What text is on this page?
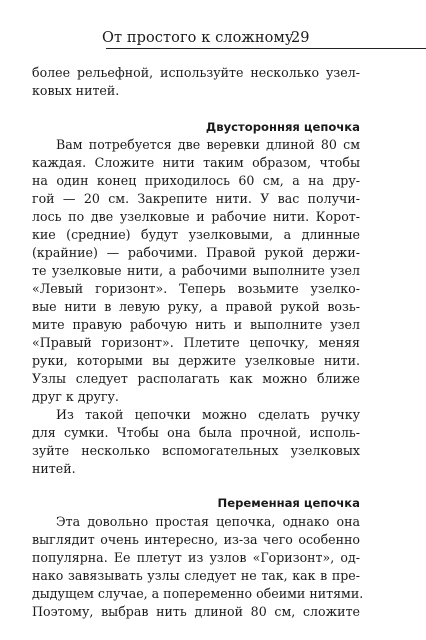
От простого к сложному
29
более рельефной, используйте несколько узел-
ковых нитей.
Двусторонняя цепочка
Вам потребуется две веревки длиной 80 см
каждая. Сложите нити таким образом, чтобы
на один конец приходилось 60 см, а на дру-
гой — 20 см. Закрепите нити. У вас получи-
лось по две узелковые и рабочие нити. Корот-
кие (средние) будут узелковыми, а длинные
(крайние) — рабочими. Правой рукой держи-
те узелковые нити, а рабочими выполните узел
«Левый горизонт». Теперь возьмите узелко-
вые нити в левую руку, а правой рукой возь-
мите правую рабочую нить и выполните узел
«Правый горизонт». Плетите цепочку, меняя
руки, которыми вы держите узелковые нити.
Узлы следует располагать как можно ближе
друг к другу.
Из такой цепочки можно сделать ручку
для сумки. Чтобы она была прочной, исполь-
зуйте несколько вспомогательных узелковых
нитей.
Переменная цепочка
Эта довольно простая цепочка, однако она
выглядит очень интересно, из-за чего особенно
популярна. Ее плетут из узлов «Горизонт», од-
нако завязывать узлы следует не так, как в пре-
дыдущем случае, а попеременно обеими нитями.
Поэтому, выбрав нить длиной 80 см, сложите
